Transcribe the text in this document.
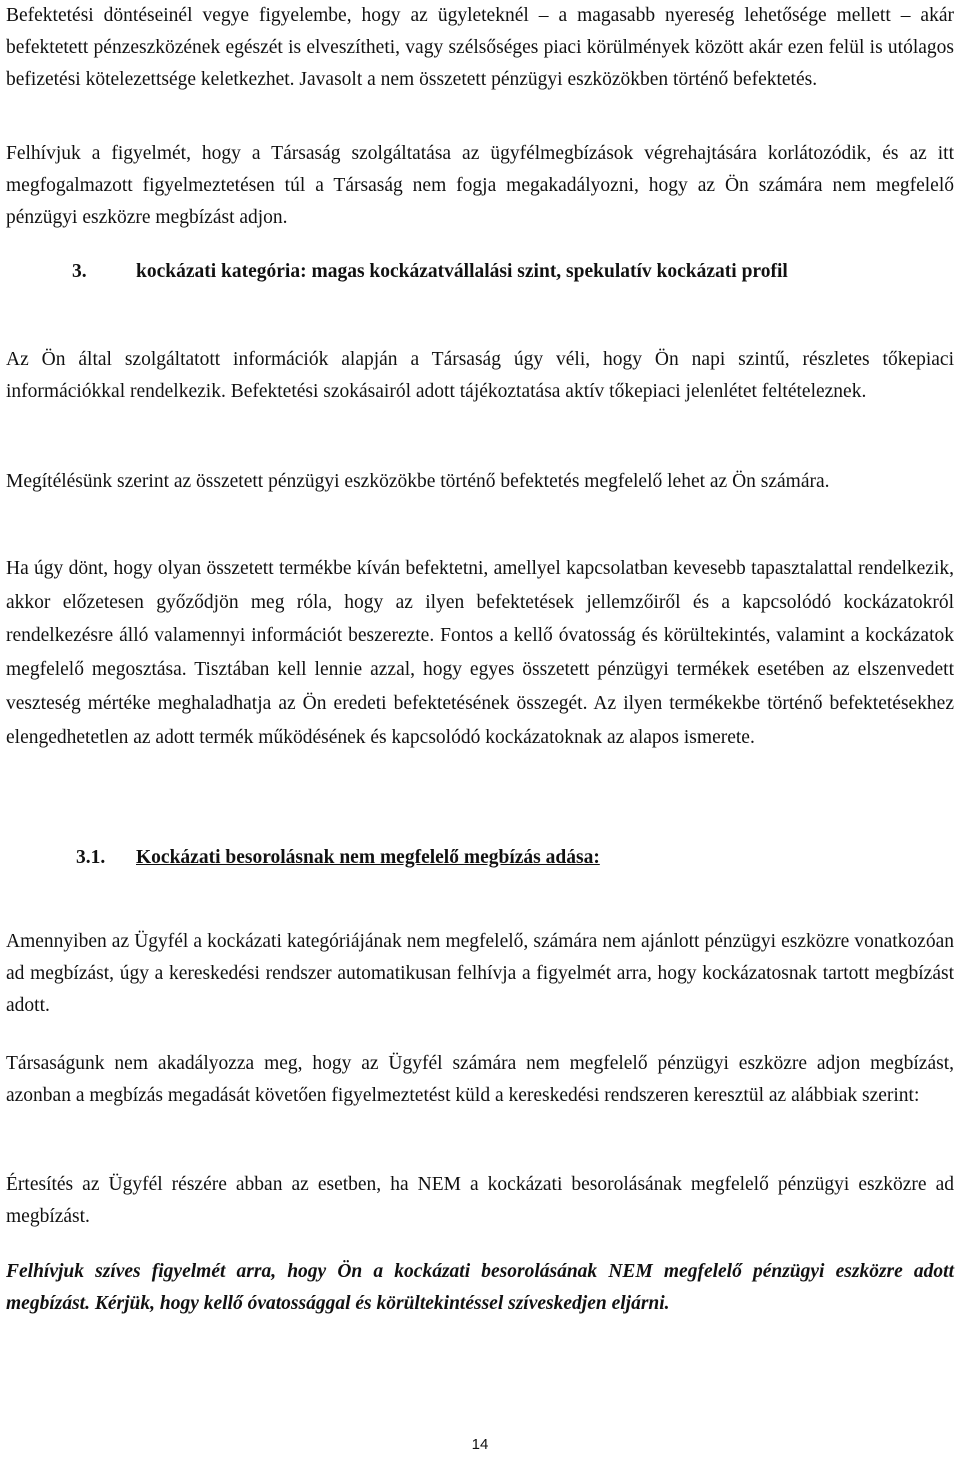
Befektetési döntéseinél vegye figyelembe, hogy az ügyleteknél – a magasabb nyereség lehetősége mellett – akár befektetett pénzeszközének egészét is elveszítheti, vagy szélsőséges piaci körülmények között akár ezen felül is utólagos befizetési kötelezettsége keletkezhet. Javasolt a nem összetett pénzügyi eszközökben történő befektetés.

Felhívjuk a figyelmét, hogy a Társaság szolgáltatása az ügyfélmegbízások végrehajtására korlátozódik, és az itt megfogalmazott figyelmeztetésen túl a Társaság nem fogja megakadályozni, hogy az Ön számára nem megfelelő pénzügyi eszközre megbízást adjon.

3.	kockázati kategória: magas kockázatvállalási szint, spekulatív kockázati profil

Az Ön által szolgáltatott információk alapján a Társaság úgy véli, hogy Ön napi szintű, részletes tőkepiaci információkkal rendelkezik. Befektetési szokásairól adott tájékoztatása aktív tőkepiaci jelenlétet feltételeznek.

Megítélésünk szerint az összetett pénzügyi eszközökbe történő befektetés megfelelő lehet az Ön számára.

Ha úgy dönt, hogy olyan összetett termékbe kíván befektetni, amellyel kapcsolatban kevesebb tapasztalattal rendelkezik, akkor előzetesen győződjön meg róla, hogy az ilyen befektetések jellemzőiről és a kapcsolódó kockázatokról rendelkezésre álló valamennyi információt beszerezte. Fontos a kellő óvatosság és körültekintés, valamint a kockázatok megfelelő megosztása. Tisztában kell lennie azzal, hogy egyes összetett pénzügyi termékek esetében az elszenvedett veszteség mértéke meghaladhatja az Ön eredeti befektetésének összegét. Az ilyen termékekbe történő befektetésekhez elengedhetetlen az adott termék működésének és kapcsolódó kockázatoknak az alapos ismerete.

3.1. Kockázati besorolásnak nem megfelelő megbízás adása:

Amennyiben az Ügyfél a kockázati kategóriájának nem megfelelő, számára nem ajánlott pénzügyi eszközre vonatkozóan ad megbízást, úgy a kereskedési rendszer automatikusan felhívja a figyelmét arra, hogy kockázatosnak tartott megbízást adott.

Társaságunk nem akadályozza meg, hogy az Ügyfél számára nem megfelelő pénzügyi eszközre adjon megbízást, azonban a megbízás megadását követően figyelmeztetést küld a kereskedési rendszeren keresztül az alábbiak szerint:

Értesítés az Ügyfél részére abban az esetben, ha NEM a kockázati besorolásának megfelelő pénzügyi eszközre ad megbízást.

Felhívjuk szíves figyelmét arra, hogy Ön a kockázati besorolásának NEM megfelelő pénzügyi eszközre adott megbízást. Kérjük, hogy kellő óvatossággal és körültekintéssel szíveskedjen eljárni.

14
